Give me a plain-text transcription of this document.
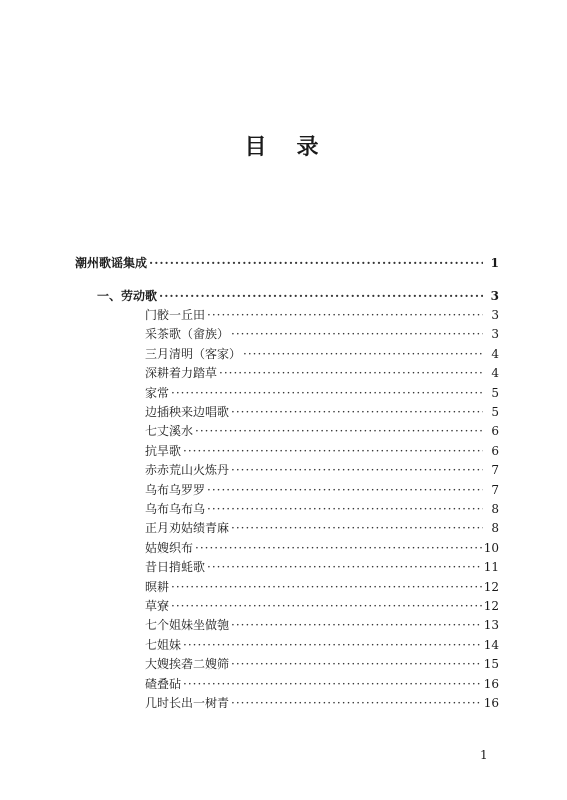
目　录
潮州歌谣集成 ·····	1
一、劳动歌 ·····	3
门骹一丘田 ·····	3
采茶歌（畲族） ·····	3
三月清明（客家） ·····	4
深耕着力踏草 ·····	4
家常 ·····	5
边插秧来边唱歌 ·····	5
七丈溪水 ·····	6
抗旱歌 ·····	6
赤赤荒山火炼丹 ·····	7
乌布乌罗罗 ·····	7
乌布乌布乌 ·····	8
正月劝姑绩青麻 ·····	8
姑嫂织布 ·····	10
昔日掯蚝歌 ·····	11
暝耕 ·····	12
草寮 ·····	12
七个姐妹坐做匏 ·····	13
七姐妹 ·····	14
大嫂挨砻二嫂筛 ·····	15
碴叠砧 ·····	16
几时长出一树青 ·····	16
1
